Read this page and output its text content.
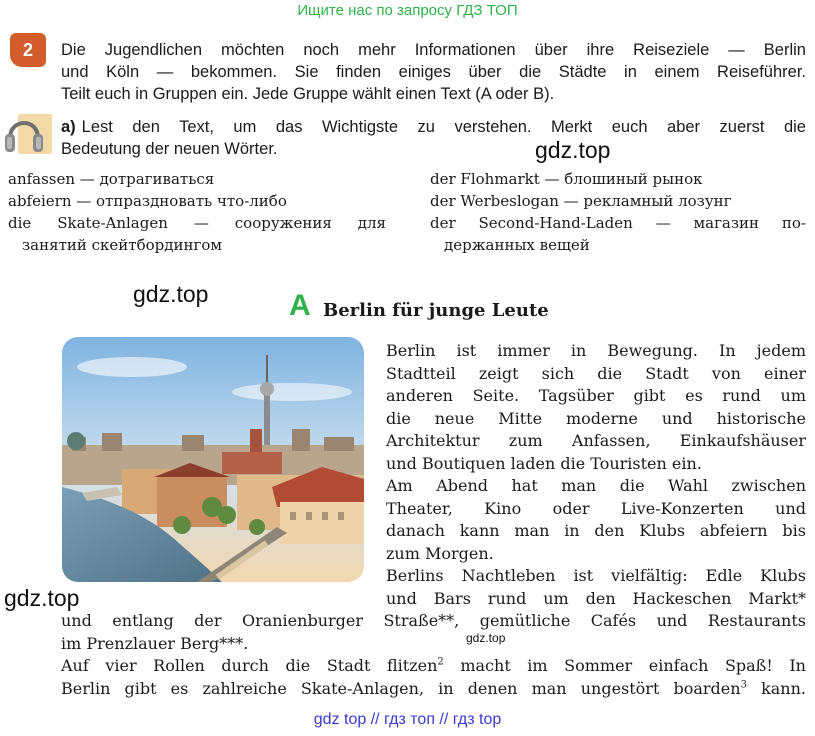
Ищите нас по запросу ГДЗ ТОП
2	Die Jugendlichen möchten noch mehr Informationen über ihre Reiseziele — Berlin
und Köln — bekommen. Sie finden einiges über die Städte in einem Reiseführer.
Teilt euch in Gruppen ein. Jede Gruppe wählt einen Text (A oder B).
a) Lest den Text, um das Wichtigste zu verstehen. Merkt euch aber zuerst die
Bedeutung der neuen Wörter.	gdz.top
gdz.top
gdz.top
gdz.top
anfassen — дотрагиваться
abfeiern — отпраздновать что-либо
die Skate-Anlagen — сооружения для
занятий скейтбордингом
der Flohmarkt — блошиный рынок
der Werbeslogan — рекламный лозунг
der Second-Hand-Laden — магазин по-
держанных вещей
A Berlin für junge Leute
Berlin ist immer in Bewegung. In jedem
Stadtteil zeigt sich die Stadt von einer
anderen Seite. Tagsüber gibt es rund um
die neue Mitte moderne und historische
Architektur zum Anfassen, Einkaufshäuser
und Boutiquen laden die Touristen ein.
Am Abend hat man die Wahl zwischen
Theater, Kino oder Live-Konzerten und
danach kann man in den Klubs abfeiern bis
zum Morgen.
Berlins Nachtleben ist vielfältig: Edle Klubs
und Bars rund um den Hackeschen Markt*
und entlang der Oranienburger Straße**, gemütliche Cafés und Restaurants
im Prenzlauer Berg***.
Auf vier Rollen durch die Stadt flitzen$^2$ macht im Sommer einfach Spaß! In
Berlin gibt es zahlreiche Skate-Anlagen, in denen man ungestört boarden$^3$ kann.
gdz top // гдз топ // гдз top
